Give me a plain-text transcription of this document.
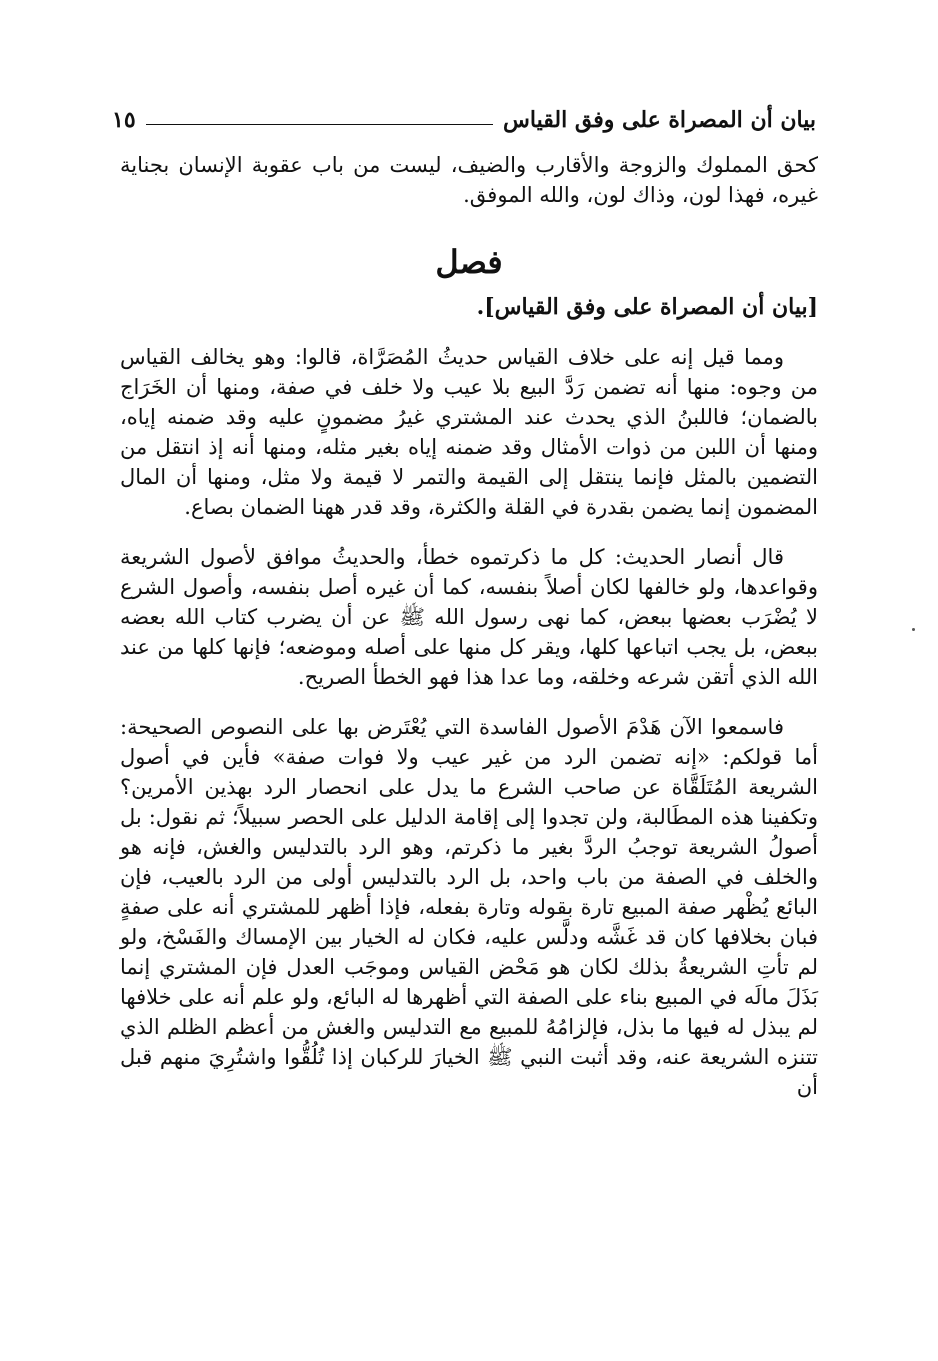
بيان أن المصراة على وفق القياس
١٥

كحق المملوك والزوجة والأقارب والضيف، ليست من باب عقوبة الإنسان بجناية غيره، فهذا لون، وذاك لون، والله الموفق.

فصل

[بيان أن المصراة على وفق القياس].

ومما قيل إنه على خلاف القياس حديثُ المُصَرَّاة، قالوا: وهو يخالف القياس من وجوه: منها أنه تضمن رَدَّ البيع بلا عيب ولا خلف في صفة، ومنها أن الخَرَاج بالضمان؛ فاللبنُ الذي يحدث عند المشتري غيرُ مضمونٍ عليه وقد ضمنه إياه، ومنها أن اللبن من ذوات الأمثال وقد ضمنه إياه بغير مثله، ومنها أنه إذ انتقل من التضمين بالمثل فإنما ينتقل إلى القيمة والتمر لا قيمة ولا مثل، ومنها أن المال المضمون إنما يضمن بقدرة في القلة والكثرة، وقد قدر ههنا الضمان بصاع.

قال أنصار الحديث: كل ما ذكرتموه خطأ، والحديثُ موافق لأصول الشريعة وقواعدها، ولو خالفها لكان أصلاً بنفسه، كما أن غيره أصل بنفسه، وأصول الشرع لا يُضْرَب بعضها ببعض، كما نهى رسول الله ﷺ عن أن يضرب كتاب الله بعضه ببعض، بل يجب اتباعها كلها، ويقر كل منها على أصله وموضعه؛ فإنها كلها من عند الله الذي أتقن شرعه وخلقه، وما عدا هذا فهو الخطأ الصريح.

فاسمعوا الآن هَدْمَ الأصول الفاسدة التي يُعْتَرض بها على النصوص الصحيحة: أما قولكم: «إنه تضمن الرد من غير عيب ولا فوات صفة» فأين في أصول الشريعة المُتَلَقَّاة عن صاحب الشرع ما يدل على انحصار الرد بهذين الأمرين؟ وتكفينا هذه المطَالبة، ولن تجدوا إلى إقامة الدليل على الحصر سبيلاً؛ ثم نقول: بل أصولُ الشريعة توجبُ الردَّ بغير ما ذكرتم، وهو الرد بالتدليس والغش، فإنه هو والخلف في الصفة من باب واحد، بل الرد بالتدليس أولى من الرد بالعيب، فإن البائع يُظْهر صفة المبيع تارة بقوله وتارة بفعله، فإذا أظهر للمشتري أنه على صفةٍ فبان بخلافها كان قد غَشَّه ودلَّس عليه، فكان له الخيار بين الإمساك والفَسْخ، ولو لم تأتِ الشريعةُ بذلك لكان هو مَحْض القياس وموجَب العدل فإن المشتري إنما بَذَلَ مالَه في المبيع بناء على الصفة التي أظهرها له البائع، ولو علم أنه على خلافها لم يبذل له فيها ما بذل، فإلزامُهُ للمبيع مع التدليس والغش من أعظم الظلم الذي تتنزه الشريعة عنه، وقد أثبت النبي ﷺ الخيارَ للركبان إذا تُلُقُّوا واشتُرِيَ منهم قبل أن
